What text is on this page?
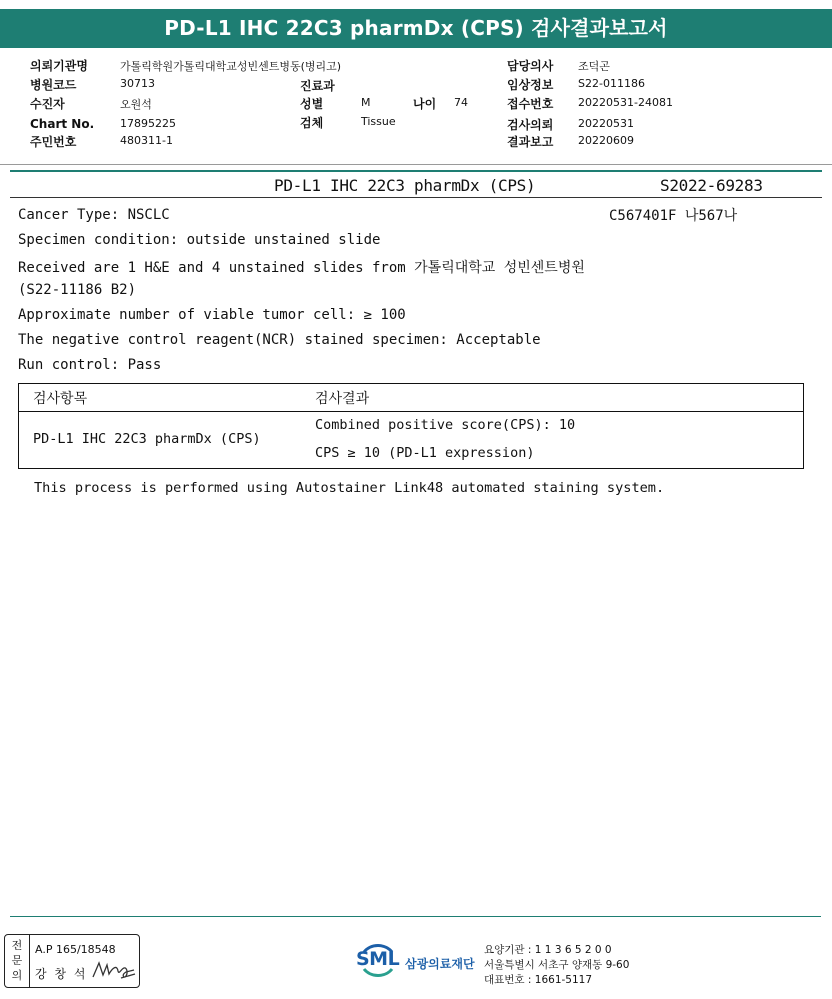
PD-L1 IHC 22C3 pharmDx (CPS) 검사결과보고서
의뢰기관명	가톨릭학원가톨릭대학교성빈센트병동(병리고)
병원코드	30713
수진자	오원석
Chart No. 17895225
주민번호	480311-1
진료과
성별	M	나이 74
검체	Tissue
담당의사 조덕곤
임상정보 S22-011186
접수번호 20220531-24081
검사의뢰 20220531
결과보고 20220609
PD-L1 IHC 22C3 pharmDx (CPS)	S2022-69283
C567401F 나567나
Cancer Type: NSCLC
Specimen condition: outside unstained slide
Received are 1 H&E and 4 unstained slides from 가톨릭대학교 성빈센트병원
(S22-11186 B2)
Approximate number of viable tumor cell: ≥ 100
The negative control reagent(NCR) stained specimen: Acceptable
Run control: Pass
검사항목	검사결과
PD-L1 IHC 22C3 pharmDx (CPS)
Combined positive score(CPS): 10
CPS ≥ 10 (PD-L1 expression)
This process is performed using Autostainer Link48 automated staining system.
전
문
의
A.P 165/18548
강 창 석
SML 삼광의료재단
요양기관 : 1 1 3 6 5 2 0 0
서울특별시 서초구 양재동 9-60
대표번호 : 1661-5117
